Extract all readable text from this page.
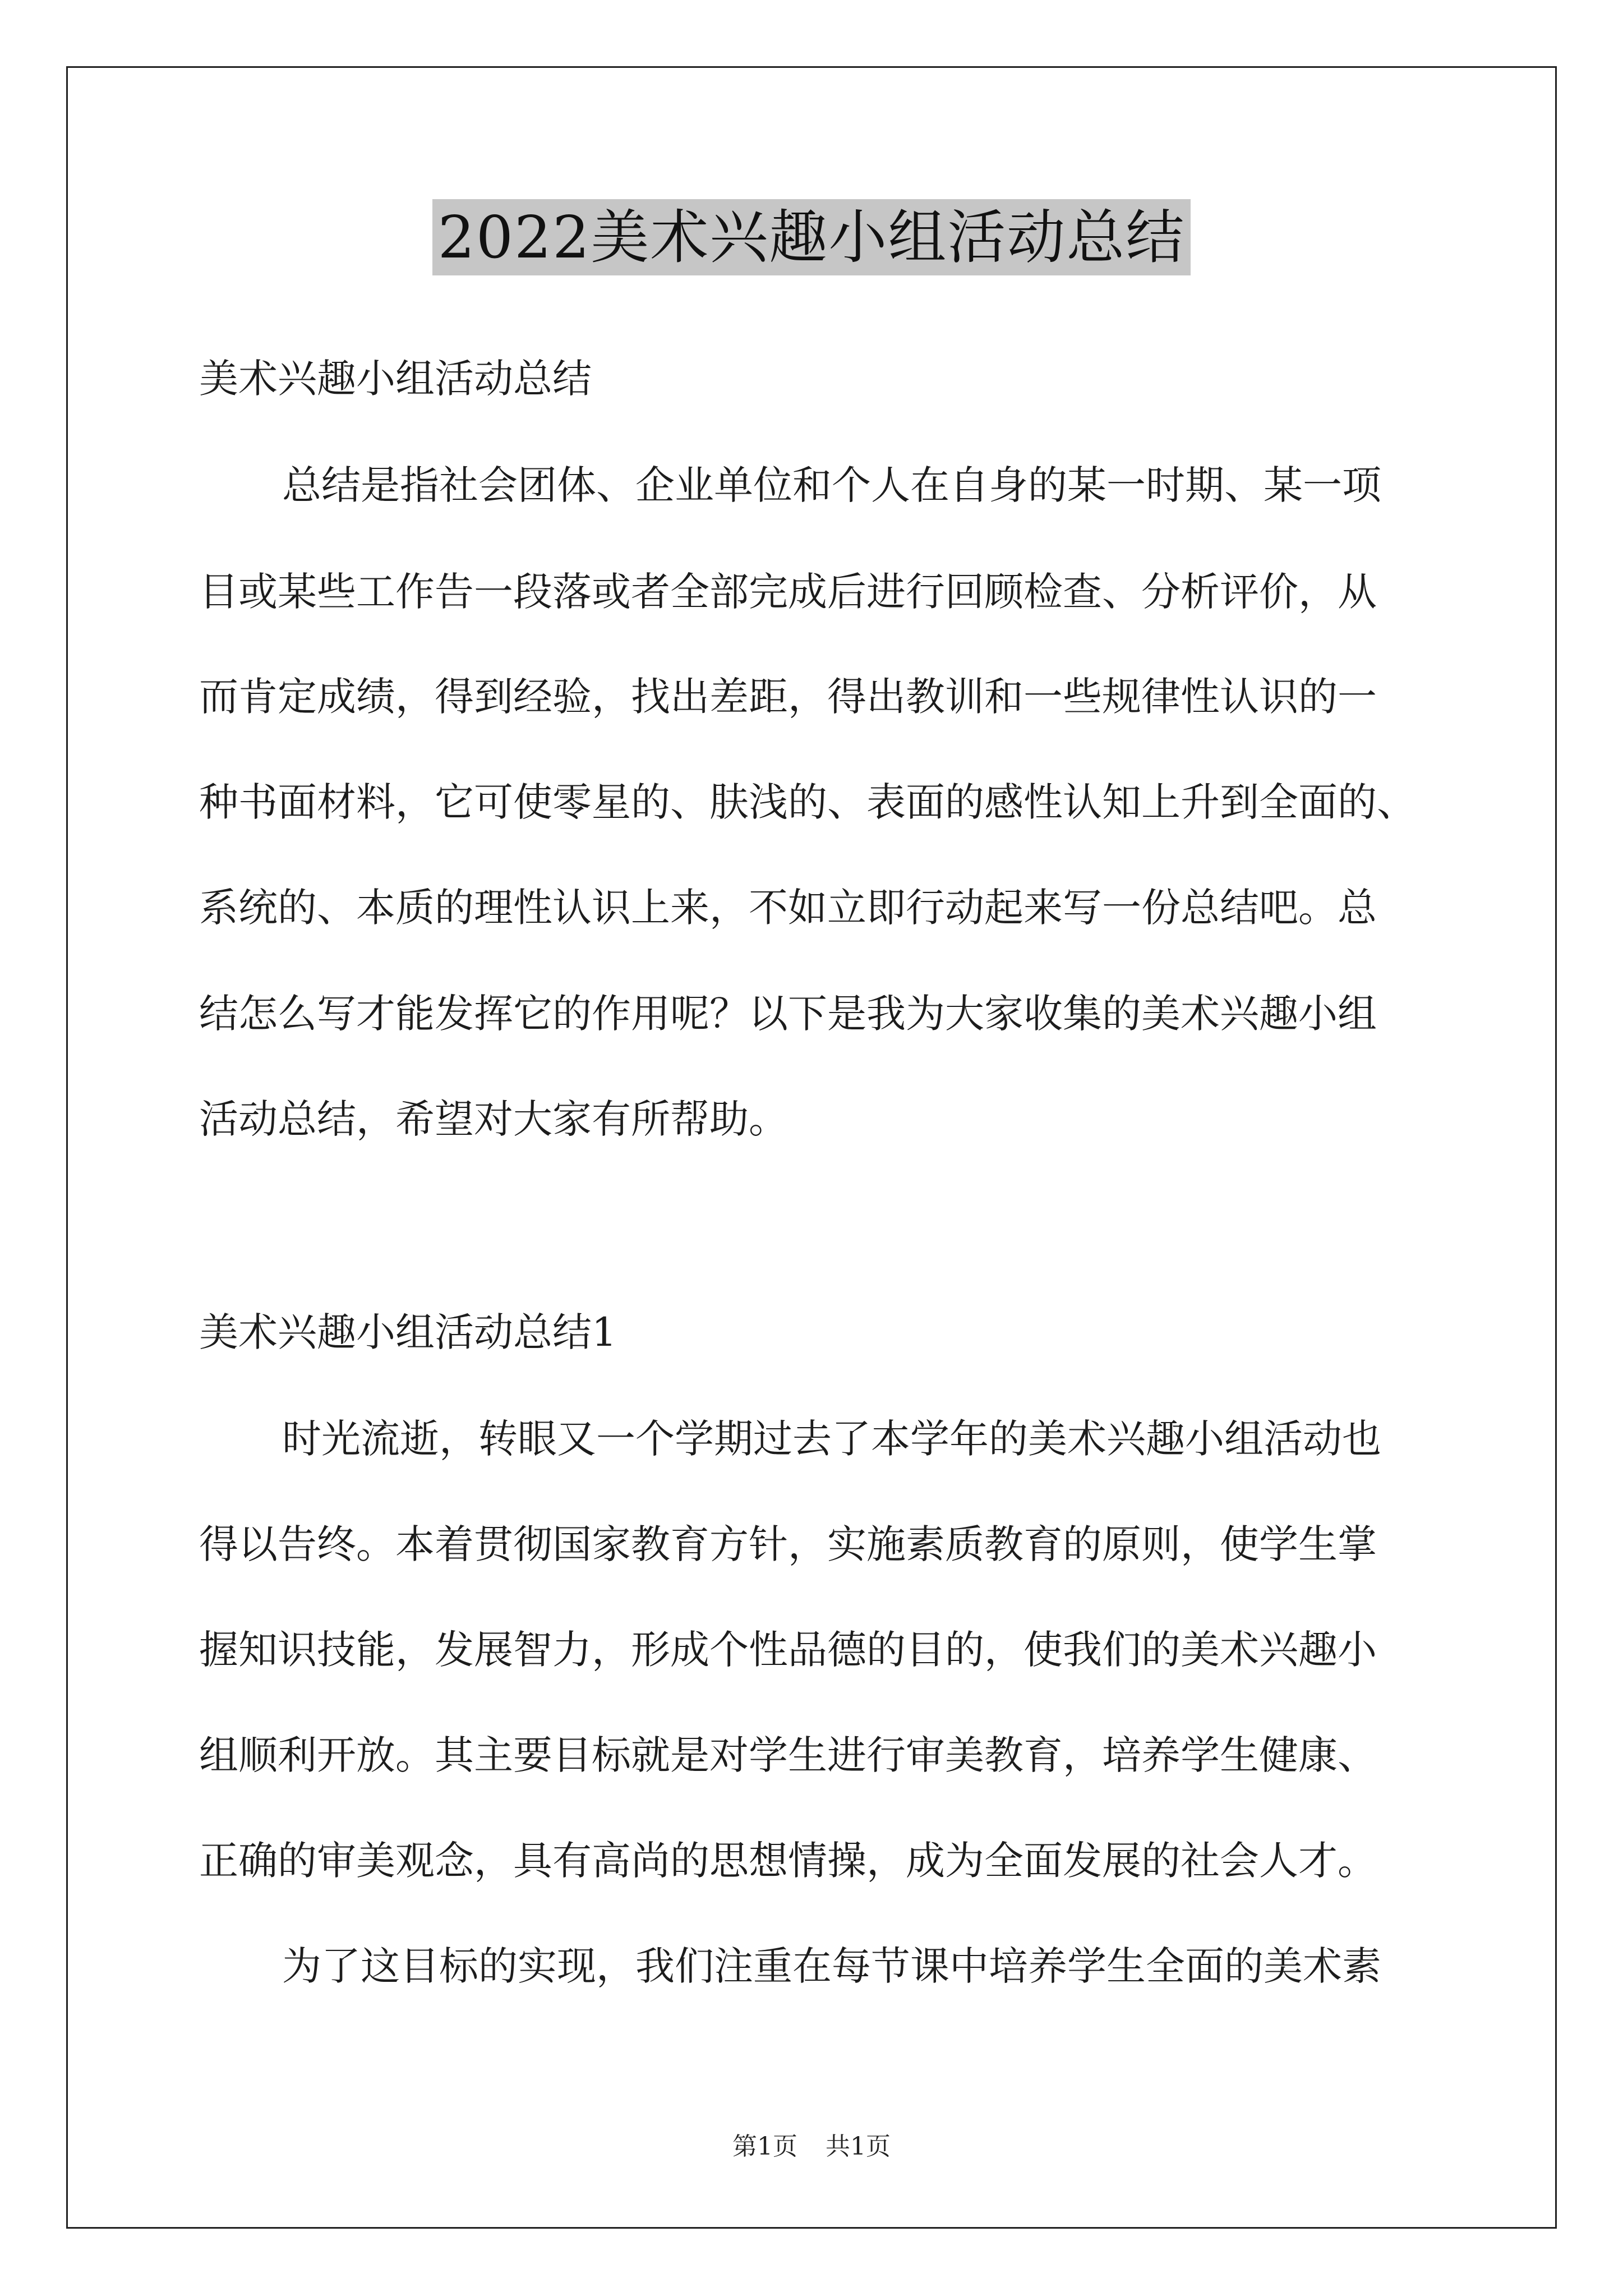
2022美术兴趣小组活动总结
美术兴趣小组活动总结
总结是指社会团体、企业单位和个人在自身的某一时期、某一项
目或某些工作告一段落或者全部完成后进行回顾检查、分析评价，从
而肯定成绩，得到经验，找出差距，得出教训和一些规律性认识的一
种书面材料，它可使零星的、肤浅的、表面的感性认知上升到全面的、
系统的、本质的理性认识上来，不如立即行动起来写一份总结吧。总
结怎么写才能发挥它的作用呢？以下是我为大家收集的美术兴趣小组
活动总结，希望对大家有所帮助。
美术兴趣小组活动总结1
时光流逝，转眼又一个学期过去了本学年的美术兴趣小组活动也
得以告终。本着贯彻国家教育方针，实施素质教育的原则，使学生掌
握知识技能，发展智力，形成个性品德的目的，使我们的美术兴趣小
组顺利开放。其主要目标就是对学生进行审美教育，培养学生健康、
正确的审美观念，具有高尚的思想情操，成为全面发展的社会人才。
为了这目标的实现，我们注重在每节课中培养学生全面的美术素
第1页 共1页
